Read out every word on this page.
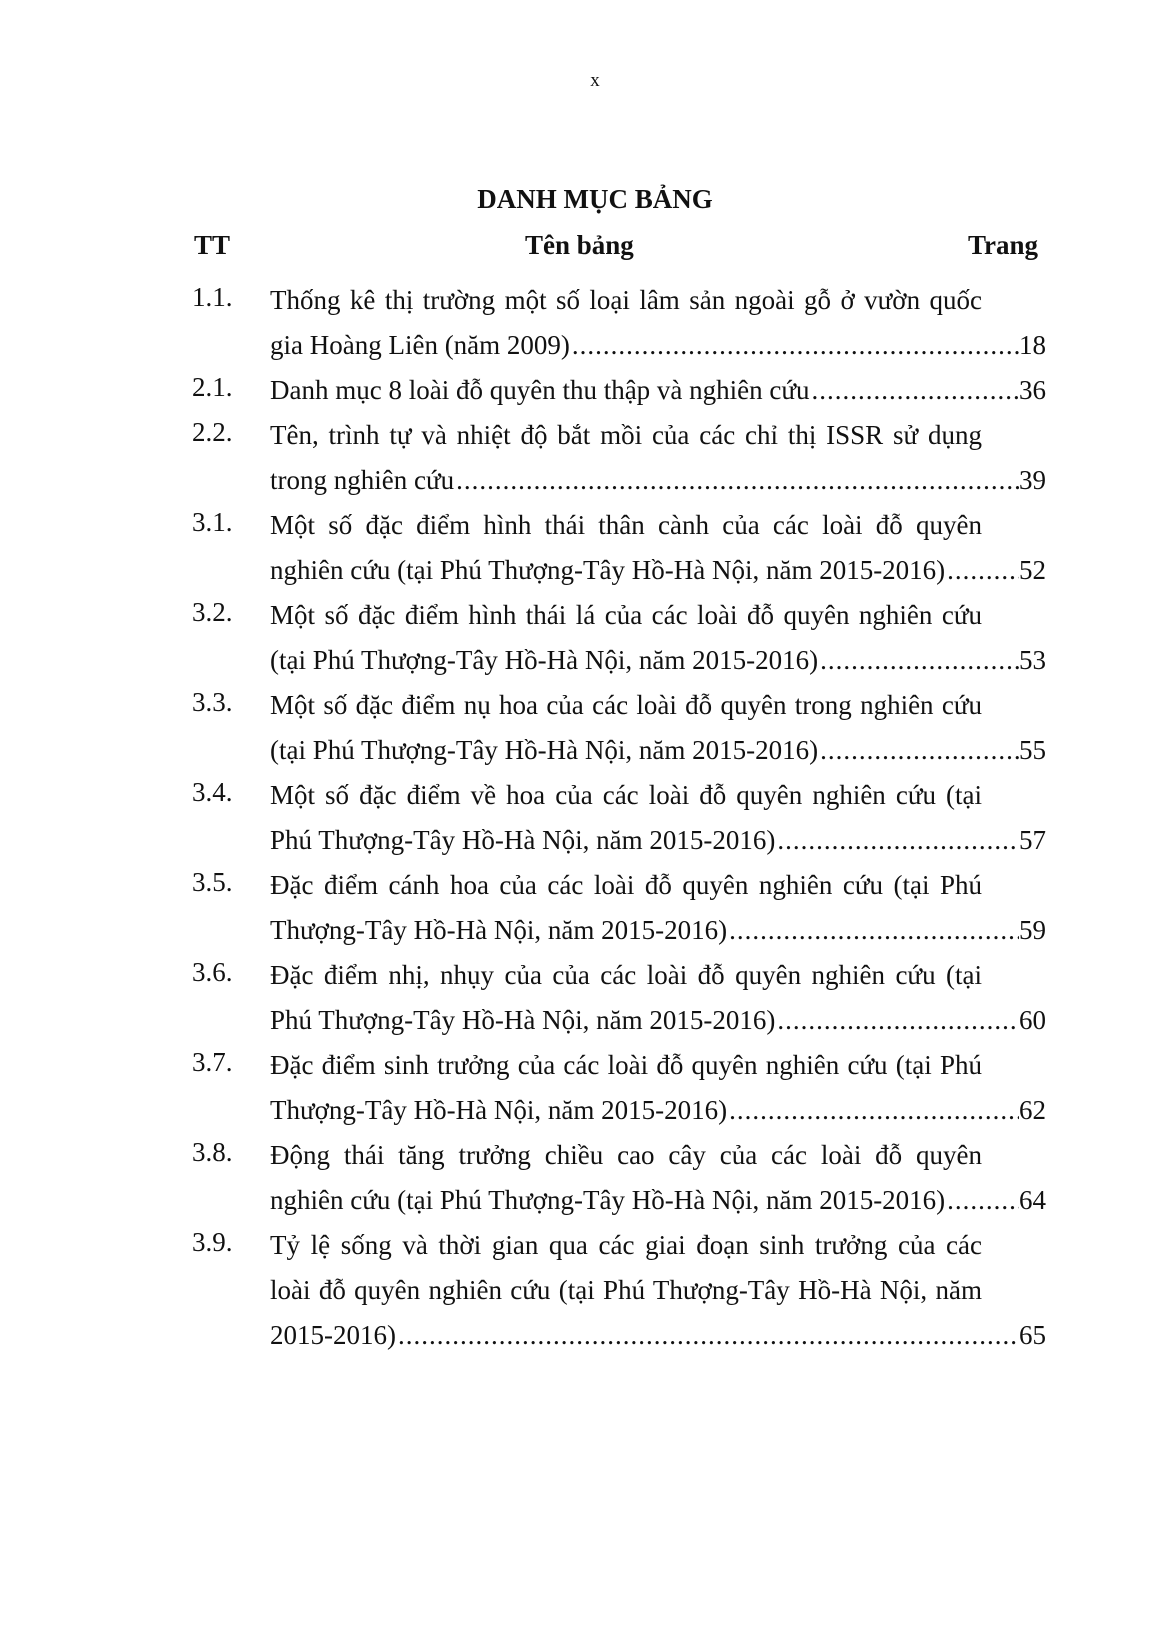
x
DANH MỤC BẢNG
TT	Tên bảng	Trang
1.1. Thống kê thị trường một số loại lâm sản ngoài gỗ ở vườn quốc
gia Hoàng Liên (năm 2009) .....	18
2.1. Danh mục 8 loài đỗ quyên thu thập và nghiên cứu .....	36
2.2. Tên, trình tự và nhiệt độ bắt mồi của các chỉ thị ISSR sử dụng
trong nghiên cứu .....	39
3.1. Một số đặc điểm hình thái thân cành của các loài đỗ quyên
nghiên cứu (tại Phú Thượng-Tây Hồ-Hà Nội, năm 2015-2016) .....	52
3.2. Một số đặc điểm hình thái lá của các loài đỗ quyên nghiên cứu
(tại Phú Thượng-Tây Hồ-Hà Nội, năm 2015-2016) .....	53
3.3. Một số đặc điểm nụ hoa của các loài đỗ quyên trong nghiên cứu
(tại Phú Thượng-Tây Hồ-Hà Nội, năm 2015-2016) .....	55
3.4. Một số đặc điểm về hoa của các loài đỗ quyên nghiên cứu (tại
Phú Thượng-Tây Hồ-Hà Nội, năm 2015-2016) .....	57
3.5. Đặc điểm cánh hoa của các loài đỗ quyên nghiên cứu (tại Phú
Thượng-Tây Hồ-Hà Nội, năm 2015-2016) .....	59
3.6. Đặc điểm nhị, nhụy của của các loài đỗ quyên nghiên cứu (tại
Phú Thượng-Tây Hồ-Hà Nội, năm 2015-2016) .....	60
3.7. Đặc điểm sinh trưởng của các loài đỗ quyên nghiên cứu (tại Phú
Thượng-Tây Hồ-Hà Nội, năm 2015-2016) .....	62
3.8. Động thái tăng trưởng chiều cao cây của các loài đỗ quyên
nghiên cứu (tại Phú Thượng-Tây Hồ-Hà Nội, năm 2015-2016) .....	64
3.9. Tỷ lệ sống và thời gian qua các giai đoạn sinh trưởng của các
loài đỗ quyên nghiên cứu (tại Phú Thượng-Tây Hồ-Hà Nội, năm
2015-2016) .....	65
